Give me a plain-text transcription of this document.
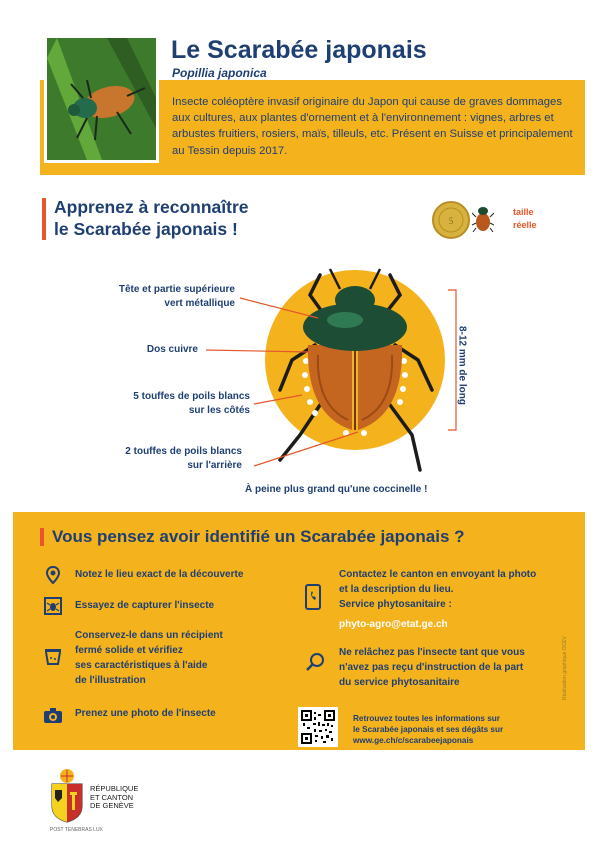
Le Scarabée japonais
Popillia japonica
Insecte coléoptère invasif originaire du Japon qui cause de graves dommages aux cultures, aux plantes d'ornement et à l'environnement : vignes, arbres et arbustes fruitiers, rosiers, maïs, tilleuls, etc. Présent en Suisse et principalement au Tessin depuis 2017.
Apprenez à reconnaître
le Scarabée japonais !	5
taille
réelle
Tête et partie supérieure
vert métallique
Dos cuivre
5 touffes de poils blancs
sur les côtés
2 touffes de poils blancs
sur l'arrière
8-12 mm de long
À peine plus grand qu'une coccinelle !
Vous pensez avoir identifié un Scarabée japonais ?
Notez le lieu exact de la découverte
Essayez de capturer l'insecte
Conservez-le dans un récipient
fermé solide et vérifiez
ses caractéristiques à l'aide
de l'illustration
Prenez une photo de l'insecte
Contactez le canton en envoyant la photo
et la description du lieu.
Service phytosanitaire :
phyto-agro@etat.ge.ch
Ne relâchez pas l'insecte tant que vous
n'avez pas reçu d'instruction de la part
du service phytosanitaire
Retrouvez toutes les informations sur
le Scarabée japonais et ses dégâts sur
www.ge.ch/c/scarabeejaponais
Réalisation graphique OCEV
RÉPUBLIQUE
ET CANTON
DE GENÈVE
POST TENEBRAS LUX
